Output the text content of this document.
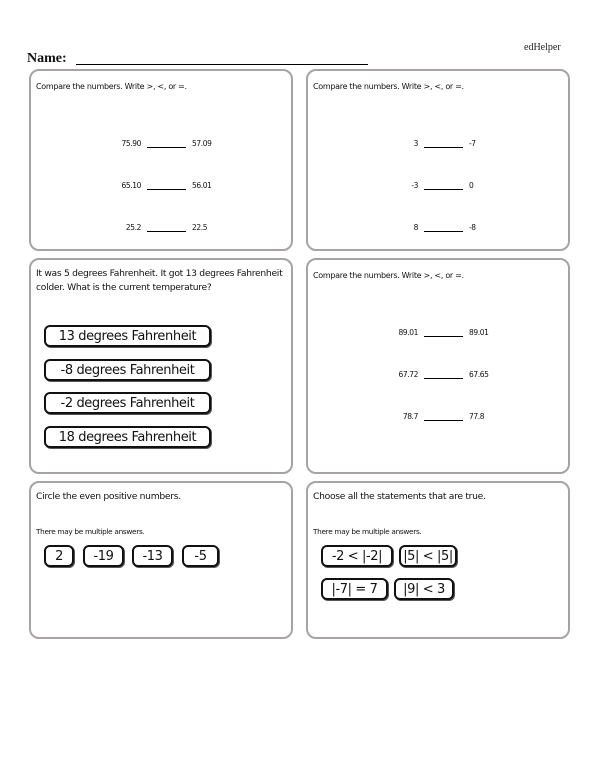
edHelper
Name:
Compare the numbers. Write >, <, or =.
75.90	57.09
65.10	56.01
25.2	22.5
Compare the numbers. Write >, <, or =.
3	-7
-3	0
8	-8
It was 5 degrees Fahrenheit. It got 13 degrees Fahrenheit colder. What is the current temperature?
13 degrees Fahrenheit
-8 degrees Fahrenheit
-2 degrees Fahrenheit
18 degrees Fahrenheit
Compare the numbers. Write >, <, or =.
89.01	89.01
67.72	67.65
78.7	77.8
Circle the even positive numbers.
There may be multiple answers.
2	-19	-13	-5
Choose all the statements that are true.
There may be multiple answers.
-2 < |-2|	|5| < |5|
|-7| = 7	|9| < 3
